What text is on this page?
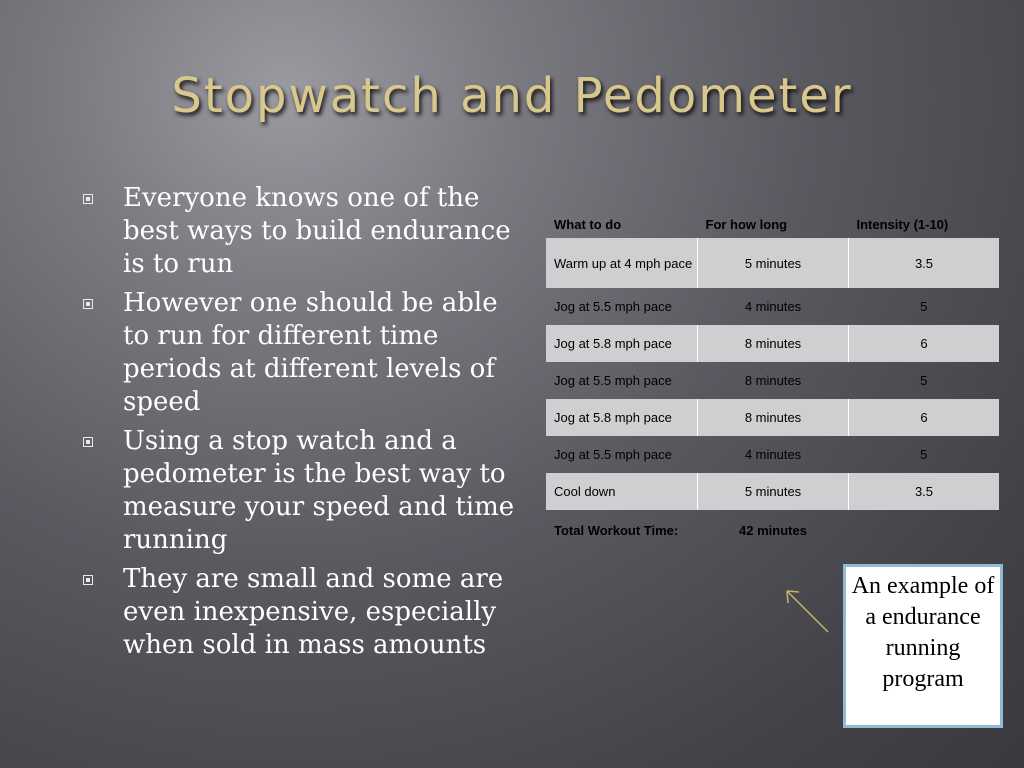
Stopwatch and Pedometer
Everyone knows one of the best ways to build endurance is to run
However one should be able to run for different time periods at different levels of speed
Using a stop watch and a pedometer is the best way to measure your speed and time running
They are small and some are even inexpensive, especially when sold in mass amounts
What to do	For how long	Intensity (1-10)
Warm up at 4 mph pace	5 minutes	3.5
Jog at 5.5 mph pace	4 minutes	5
Jog at 5.8 mph pace	8 minutes	6
Jog at 5.5 mph pace	8 minutes	5
Jog at 5.8 mph pace	8 minutes	6
Jog at 5.5 mph pace	4 minutes	5
Cool down	5 minutes	3.5
Total Workout Time:	42 minutes	
An example of a endurance running program
